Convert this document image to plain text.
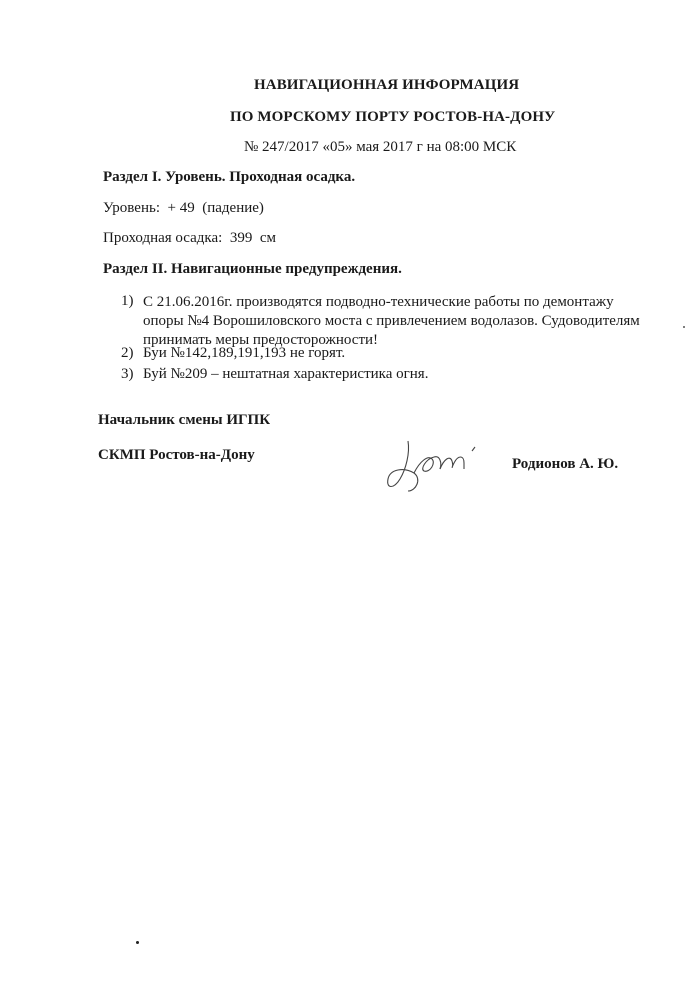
НАВИГАЦИОННАЯ ИНФОРМАЦИЯ
ПО МОРСКОМУ ПОРТУ РОСТОВ-НА-ДОНУ
№ 247/2017 «05» мая 2017 г на 08:00 МСК
Раздел I. Уровень. Проходная осадка.
Уровень: + 49 (падение)
Проходная осадка: 399 см
Раздел II. Навигационные предупреждения.
1) С 21.06.2016г. производятся подводно-технические работы по демонтажу опоры №4 Ворошиловского моста с привлечением водолазов. Судоводителям принимать меры предосторожности!
2) Буи №142,189,191,193 не горят.
3) Буй №209 – нештатная характеристика огня.
Начальник смены ИГПК
СКМП Ростов-на-Дону
Родионов А. Ю.
